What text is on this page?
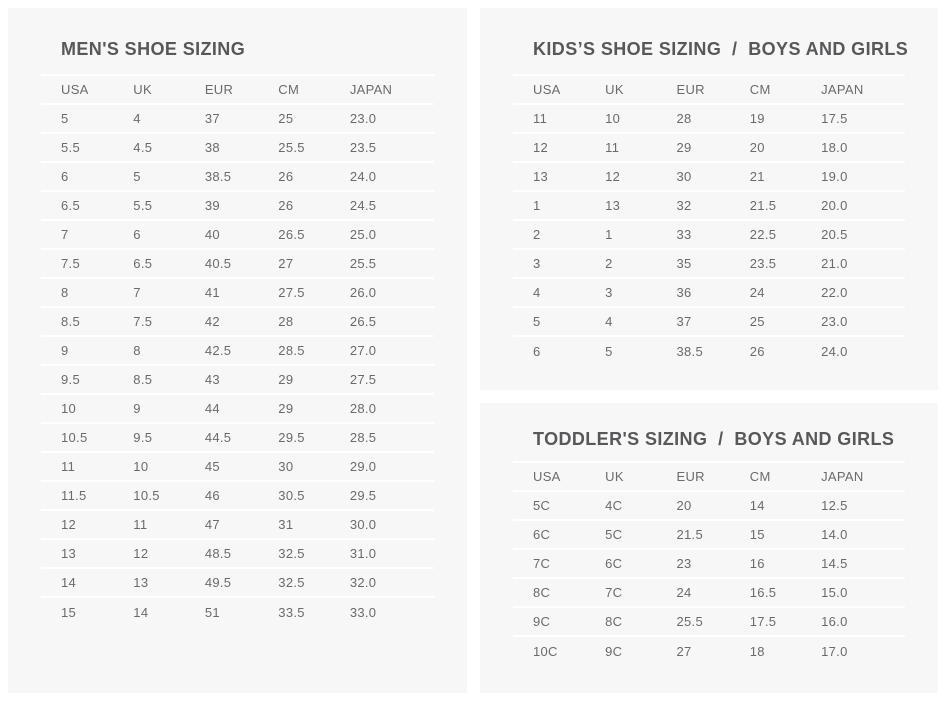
MEN'S SHOE SIZING
USA	UK	EUR	CM	JAPAN
5	4	37	25	23.0
5.5	4.5	38	25.5	23.5
6	5	38.5	26	24.0
6.5	5.5	39	26	24.5
7	6	40	26.5	25.0
7.5	6.5	40.5	27	25.5
8	7	41	27.5	26.0
8.5	7.5	42	28	26.5
9	8	42.5	28.5	27.0
9.5	8.5	43	29	27.5
10	9	44	29	28.0
10.5	9.5	44.5	29.5	28.5
11	10	45	30	29.0
11.5	10.5	46	30.5	29.5
12	11	47	31	30.0
13	12	48.5	32.5	31.0
14	13	49.5	32.5	32.0
15	14	51	33.5	33.0
KIDS’S SHOE SIZING  /  BOYS AND GIRLS
USA	UK	EUR	CM	JAPAN
11	10	28	19	17.5
12	11	29	20	18.0
13	12	30	21	19.0
1	13	32	21.5	20.0
2	1	33	22.5	20.5
3	2	35	23.5	21.0
4	3	36	24	22.0
5	4	37	25	23.0
6	5	38.5	26	24.0
TODDLER'S SIZING  /  BOYS AND GIRLS
USA	UK	EUR	CM	JAPAN
5C	4C	20	14	12.5
6C	5C	21.5	15	14.0
7C	6C	23	16	14.5
8C	7C	24	16.5	15.0
9C	8C	25.5	17.5	16.0
10C	9C	27	18	17.0
